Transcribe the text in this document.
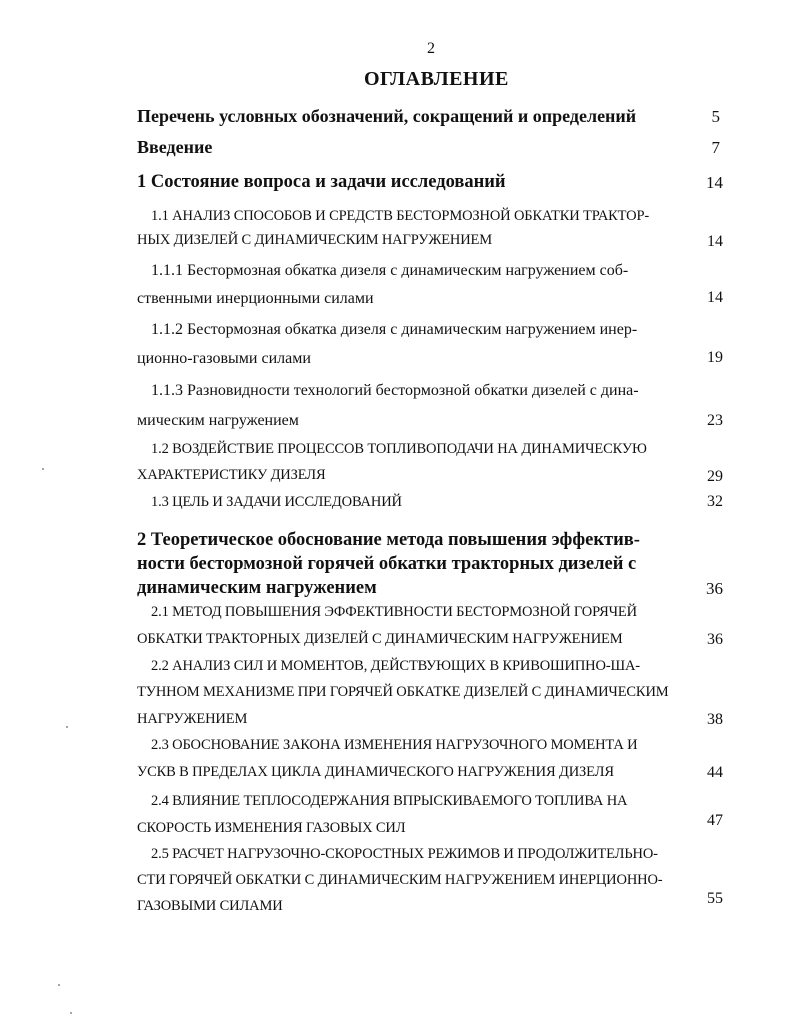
2
ОГЛАВЛЕНИЕ
Перечень условных обозначений, сокращений и определений	5
Введение	7
1 Состояние вопроса и задачи исследований	14
1.1 АНАЛИЗ СПОСОБОВ И СРЕДСТВ БЕСТОРМОЗНОЙ ОБКАТКИ ТРАКТОР-
НЫХ ДИЗЕЛЕЙ С ДИНАМИЧЕСКИМ НАГРУЖЕНИЕМ	14
1.1.1 Бестормозная обкатка дизеля с динамическим нагружением соб-
ственными инерционными силами	14
1.1.2 Бестормозная обкатка дизеля с динамическим нагружением инер-
ционно-газовыми силами	19
1.1.3 Разновидности технологий бестормозной обкатки дизелей с дина-
мическим нагружением	23
1.2 ВОЗДЕЙСТВИЕ ПРОЦЕССОВ ТОПЛИВОПОДАЧИ НА ДИНАМИЧЕСКУЮ
ХАРАКТЕРИСТИКУ ДИЗЕЛЯ	29
1.3 ЦЕЛЬ И ЗАДАЧИ ИССЛЕДОВАНИЙ	32
2 Теоретическое обоснование метода повышения эффектив-
ности бестормозной горячей обкатки тракторных дизелей с
динамическим нагружением	36
2.1 МЕТОД ПОВЫШЕНИЯ ЭФФЕКТИВНОСТИ БЕСТОРМОЗНОЙ ГОРЯЧЕЙ
ОБКАТКИ ТРАКТОРНЫХ ДИЗЕЛЕЙ С ДИНАМИЧЕСКИМ НАГРУЖЕНИЕМ	36
2.2 АНАЛИЗ СИЛ И МОМЕНТОВ, ДЕЙСТВУЮЩИХ В КРИВОШИПНО-ША-
ТУННОМ МЕХАНИЗМЕ ПРИ ГОРЯЧЕЙ ОБКАТКЕ ДИЗЕЛЕЙ С ДИНАМИЧЕСКИМ
НАГРУЖЕНИЕМ	38
2.3 ОБОСНОВАНИЕ ЗАКОНА ИЗМЕНЕНИЯ НАГРУЗОЧНОГО МОМЕНТА И
УСКВ В ПРЕДЕЛАХ ЦИКЛА ДИНАМИЧЕСКОГО НАГРУЖЕНИЯ ДИЗЕЛЯ	44
2.4 ВЛИЯНИЕ ТЕПЛОСОДЕРЖАНИЯ ВПРЫСКИВАЕМОГО ТОПЛИВА НА
СКОРОСТЬ ИЗМЕНЕНИЯ ГАЗОВЫХ СИЛ	47
2.5 РАСЧЕТ НАГРУЗОЧНО-СКОРОСТНЫХ РЕЖИМОВ И ПРОДОЛЖИТЕЛЬНО-
СТИ ГОРЯЧЕЙ ОБКАТКИ С ДИНАМИЧЕСКИМ НАГРУЖЕНИЕМ ИНЕРЦИОННО-
ГАЗОВЫМИ СИЛАМИ	55
